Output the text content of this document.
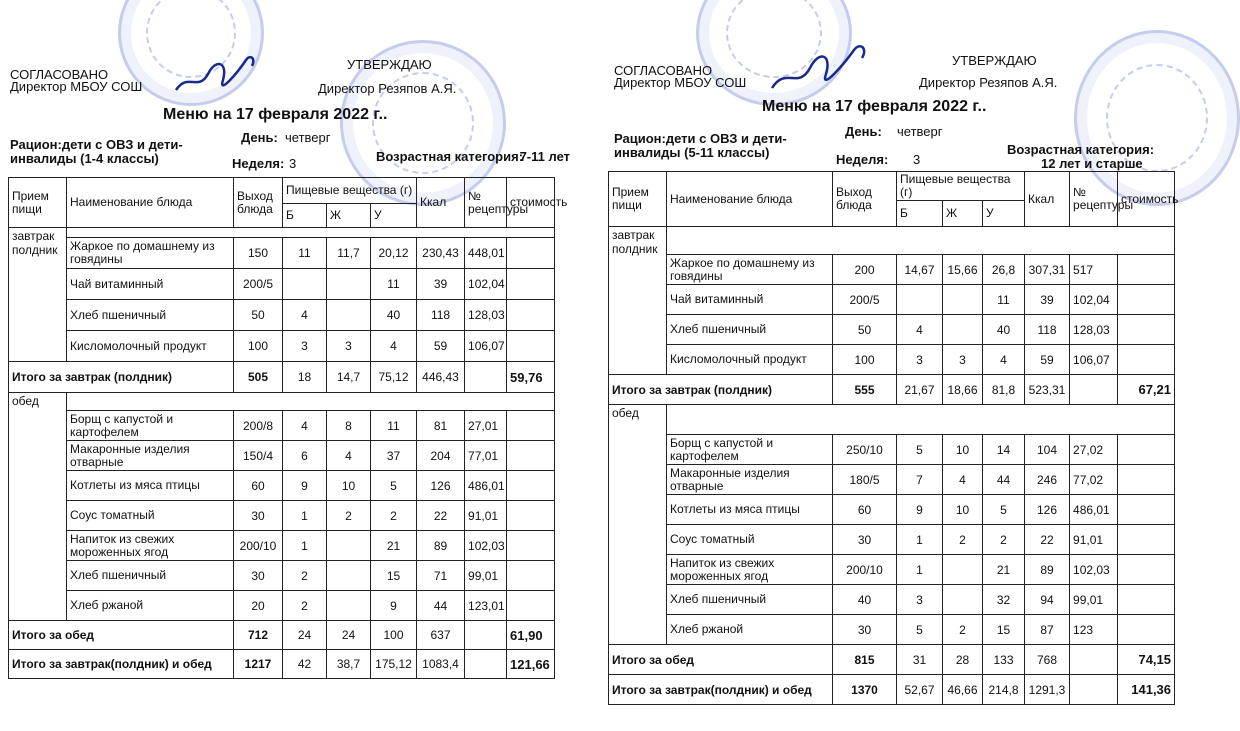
СОГЛАСОВАНО
Директор МБОУ СОШ
УТВЕРЖДАЮ
Директор Резяпов А.Я.
Меню на 17 февраля 2022 г..
Рацион:дети с ОВЗ и дети-инвалиды (1-4 классы)
День: четверг
Неделя: 3	Возрастная категория:
7-11 лет
Прием пищи	Наименование блюда	Выход блюда	Пищевые вещества (г)			Ккал	№ рецептуры	стоимость
			Б	Ж	У			
завтрак полдник								
	Жаркое по домашнему из говядины	150	11	11,7	20,12	230,43	448,01	
	Чай витаминный	200/5			11	39	102,04	
	Хлеб пшеничный	50	4		40	118	128,03	
	Кисломолочный продукт	100	3	3	4	59	106,07	
Итого за завтрак (полдник)		505	18	14,7	75,12	446,43		59,76
обед								
	Борщ с капустой и картофелем	200/8	4	8	11	81	27,01	
	Макаронные изделия отварные	150/4	6	4	37	204	77,01	
	Котлеты из мяса птицы	60	9	10	5	126	486,01	
	Соус томатный	30	1	2	2	22	91,01	
	Напиток из свежих мороженных ягод	200/10	1		21	89	102,03	
	Хлеб пшеничный	30	2		15	71	99,01	
	Хлеб ржаной	20	2		9	44	123,01	
Итого за обед		712	24	24	100	637		61,90
Итого за завтрак(полдник) и обед		1217	42	38,7	175,12	1083,4		121,66
СОГЛАСОВАНО
Директор МБОУ СОШ
УТВЕРЖДАЮ
Директор Резяпов А.Я.
Меню на 17 февраля 2022 г..
Рацион:дети с ОВЗ и дети-инвалиды (5-11 классы)
День: четверг
Неделя: 3
Возрастная категория:
12 лет и старше
Прием пищи	Наименование блюда	Выход блюда	Пищевые вещества (г)			Ккал	№ рецептуры	стоимость
			Б	Ж	У			
завтрак полдник								
	Жаркое по домашнему из говядины	200	14,67	15,66	26,8	307,31	517	
	Чай витаминный	200/5			11	39	102,04	
	Хлеб пшеничный	50	4		40	118	128,03	
	Кисломолочный продукт	100	3	3	4	59	106,07	
Итого за завтрак (полдник)		555	21,67	18,66	81,8	523,31		67,21
обед								
	Борщ с капустой и картофелем	250/10	5	10	14	104	27,02	
	Макаронные изделия отварные	180/5	7	4	44	246	77,02	
	Котлеты из мяса птицы	60	9	10	5	126	486,01	
	Соус томатный	30	1	2	2	22	91,01	
	Напиток из свежих мороженных ягод	200/10	1		21	89	102,03	
	Хлеб пшеничный	40	3		32	94	99,01	
	Хлеб ржаной	30	5	2	15	87	123	
Итого за обед		815	31	28	133	768		74,15
Итого за завтрак(полдник) и обед		1370	52,67	46,66	214,8	1291,3		141,36
